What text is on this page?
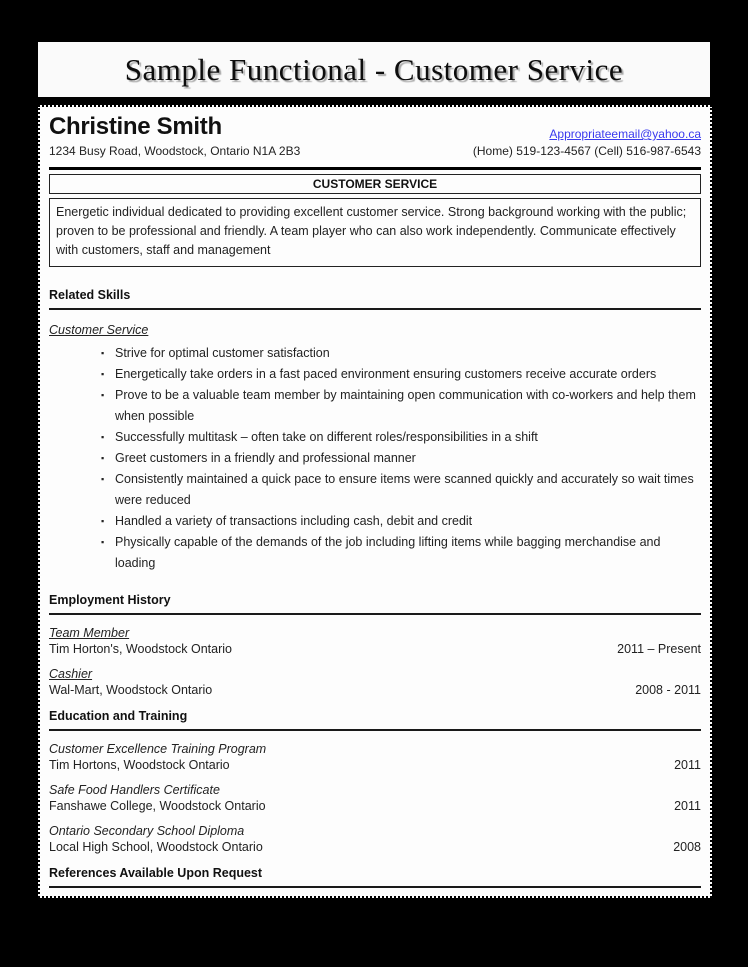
Sample Functional - Customer Service
Christine Smith	Appropriateemail@yahoo.ca
1234 Busy Road, Woodstock, Ontario N1A 2B3	(Home) 519-123-4567 (Cell) 516-987-6543
CUSTOMER SERVICE
Energetic individual dedicated to providing excellent customer service. Strong background working with the public; proven to be professional and friendly. A team player who can also work independently. Communicate effectively with customers, staff and management
Related Skills
Customer Service
▪ Strive for optimal customer satisfaction
▪ Energetically take orders in a fast paced environment ensuring customers receive accurate orders
▪ Prove to be a valuable team member by maintaining open communication with co-workers and help them when possible
▪ Successfully multitask – often take on different roles/responsibilities in a shift
▪ Greet customers in a friendly and professional manner
▪ Consistently maintained a quick pace to ensure items were scanned quickly and accurately so wait times were reduced
▪ Handled a variety of transactions including cash, debit and credit
▪ Physically capable of the demands of the job including lifting items while bagging merchandise and loading
Employment History
Team Member
Tim Horton's, Woodstock Ontario	2011 – Present
Cashier
Wal-Mart, Woodstock Ontario	2008 - 2011
Education and Training
Customer Excellence Training Program
Tim Hortons, Woodstock Ontario	2011
Safe Food Handlers Certificate
Fanshawe College, Woodstock Ontario	2011
Ontario Secondary School Diploma
Local High School, Woodstock Ontario	2008
References Available Upon Request
